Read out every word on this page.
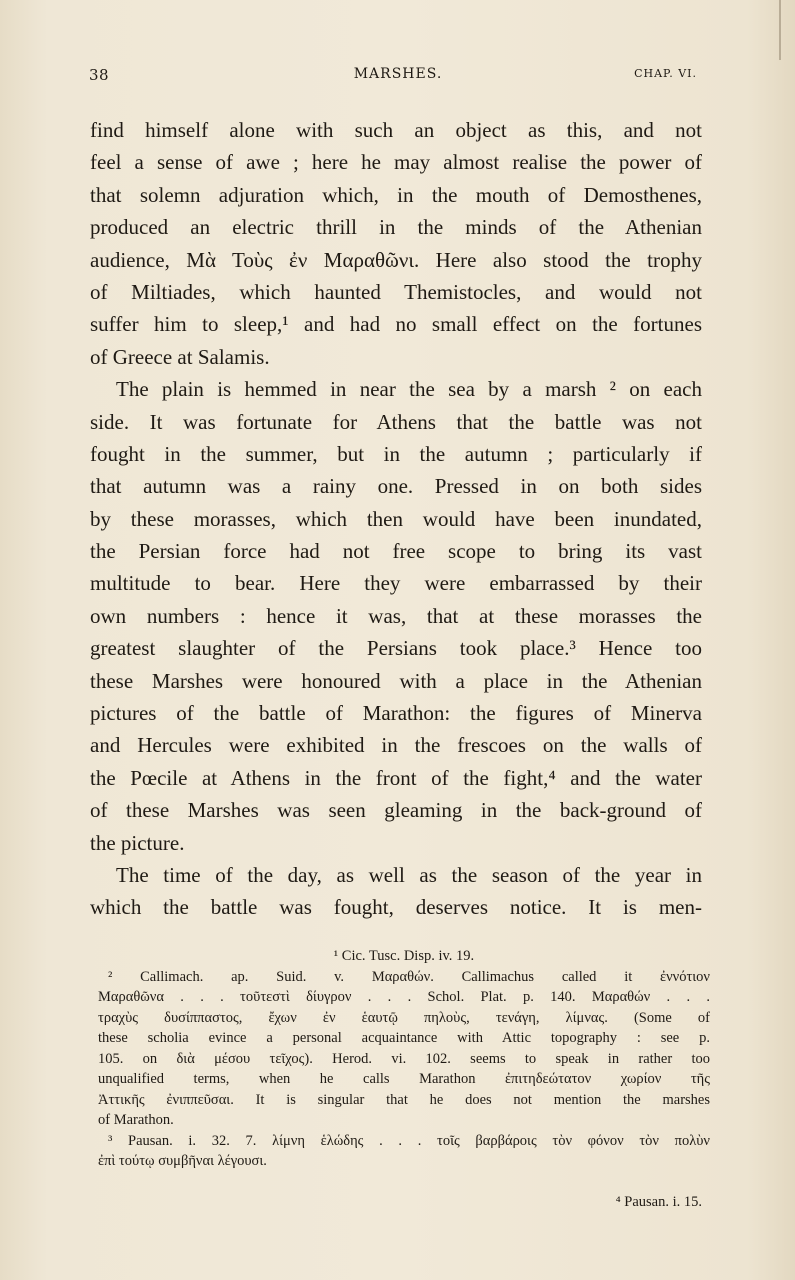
38	MARSHES.	CHAP. VI.
find himself alone with such an object as this, and not
feel a sense of awe ; here he may almost realise the power of
that solemn adjuration which, in the mouth of Demosthenes,
produced an electric thrill in the minds of the Athenian
audience, Μὰ Τοὺς ἐν Μαραθῶνι. Here also stood the trophy
of Miltiades, which haunted Themistocles, and would not
suffer him to sleep,¹ and had no small effect on the fortunes
of Greece at Salamis.
The plain is hemmed in near the sea by a marsh ² on each
side. It was fortunate for Athens that the battle was not
fought in the summer, but in the autumn ; particularly if
that autumn was a rainy one. Pressed in on both sides
by these morasses, which then would have been inundated,
the Persian force had not free scope to bring its vast
multitude to bear. Here they were embarrassed by their
own numbers : hence it was, that at these morasses the
greatest slaughter of the Persians took place.³ Hence too
these Marshes were honoured with a place in the Athenian
pictures of the battle of Marathon: the figures of Minerva
and Hercules were exhibited in the frescoes on the walls of
the Pœcile at Athens in the front of the fight,⁴ and the water
of these Marshes was seen gleaming in the back-ground of
the picture.
The time of the day, as well as the season of the year in
which the battle was fought, deserves notice. It is men-
¹ Cic. Tusc. Disp. iv. 19.
² Callimach. ap. Suid. v. Μαραθών. Callimachus called it ἐννότιον
Μαραθῶνα . . . τοῦτεστὶ δίυγρον . . . Schol. Plat. p. 140. Μαραθών . . .
τραχὺς δυσίππαστος, ἔχων ἐν ἑαυτῷ πηλοὺς, τενάγη, λίμνας. (Some of
these scholia evince a personal acquaintance with Attic topography : see p.
105. on διὰ μέσου τεῖχος). Herod. vi. 102. seems to speak in rather too
unqualified terms, when he calls Marathon ἐπιτηδεώτατον χωρίον τῆς
Ἀττικῆς ἐνιππεῦσαι. It is singular that he does not mention the marshes
of Marathon.
³ Pausan. i. 32. 7. λίμνη ἑλώδης . . . τοῖς βαρβάροις τὸν φόνον τὸν πολὺν
ἐπὶ τούτῳ συμβῆναι λέγουσι.
⁴ Pausan. i. 15.
